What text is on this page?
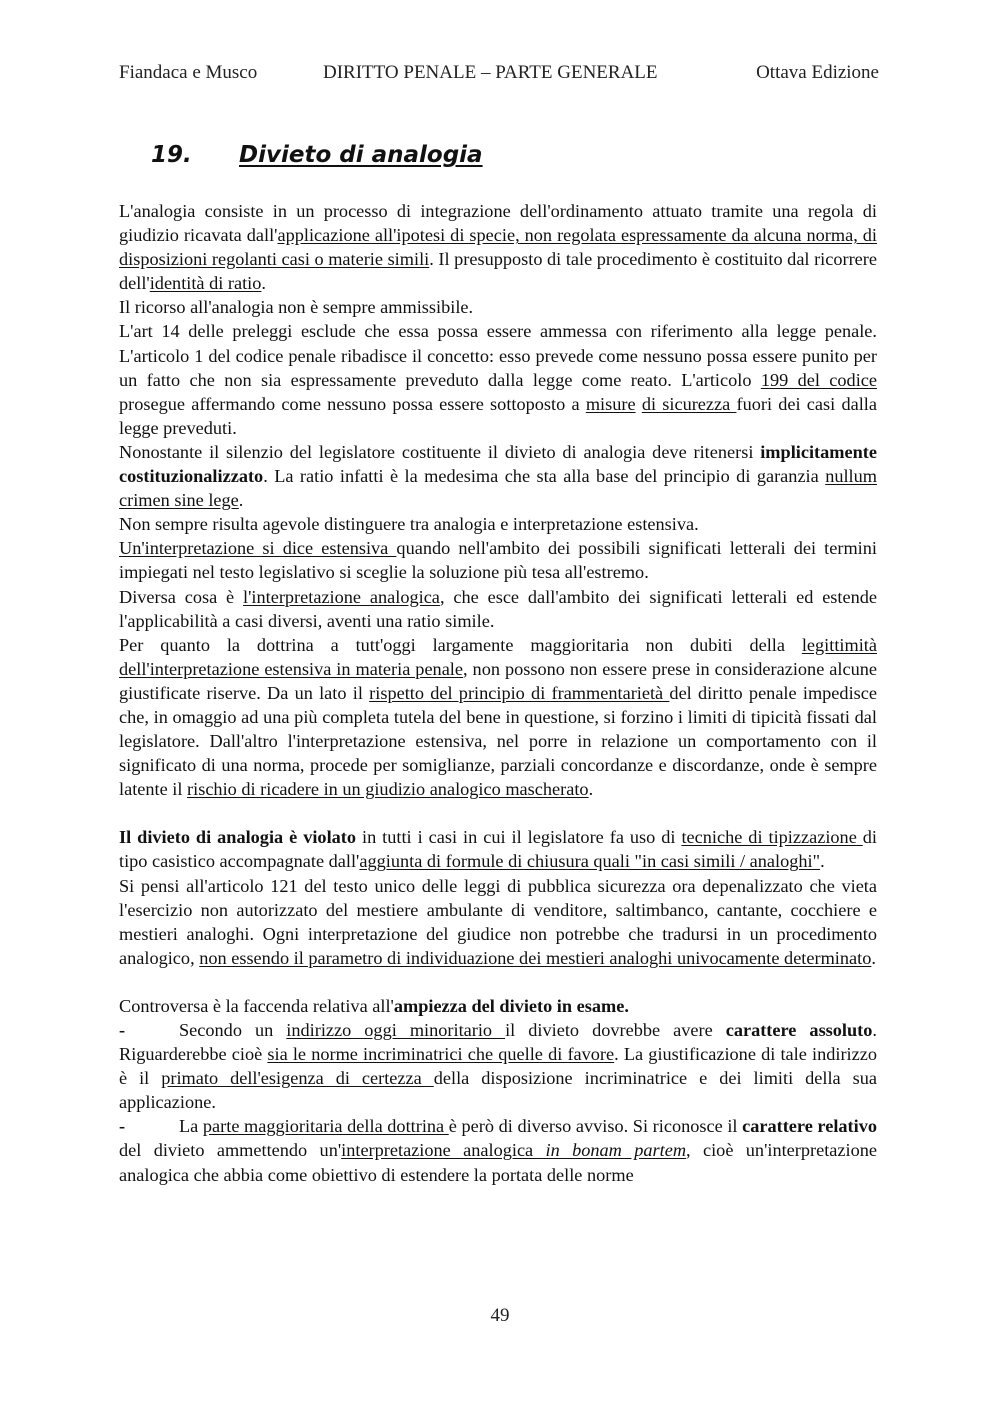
Fiandaca e Musco	DIRITTO PENALE – PARTE GENERALE	Ottava Edizione
19. Divieto di analogia

L'analogia consiste in un processo di integrazione dell'ordinamento attuato tramite una regola di giudizio ricavata dall'applicazione all'ipotesi di specie, non regolata espressamente da alcuna norma, di disposizioni regolanti casi o materie simili. Il presupposto di tale procedimento è costituito dal ricorrere dell'identità di ratio.

Il ricorso all'analogia non è sempre ammissibile.

L'art 14 delle preleggi esclude che essa possa essere ammessa con riferimento alla legge penale. L'articolo 1 del codice penale ribadisce il concetto: esso prevede come nessuno possa essere punito per un fatto che non sia espressamente preveduto dalla legge come reato. L'articolo 199 del codice prosegue affermando come nessuno possa essere sottoposto a misure di sicurezza fuori dei casi dalla legge preveduti.

Nonostante il silenzio del legislatore costituente il divieto di analogia deve ritenersi implicitamente costituzionalizzato. La ratio infatti è la medesima che sta alla base del principio di garanzia nullum crimen sine lege.

Non sempre risulta agevole distinguere tra analogia e interpretazione estensiva.

Un'interpretazione si dice estensiva quando nell'ambito dei possibili significati letterali dei termini impiegati nel testo legislativo si sceglie la soluzione più tesa all'estremo.

Diversa cosa è l'interpretazione analogica, che esce dall'ambito dei significati letterali ed estende l'applicabilità a casi diversi, aventi una ratio simile.

Per quanto la dottrina a tutt'oggi largamente maggioritaria non dubiti della legittimità dell'interpretazione estensiva in materia penale, non possono non essere prese in considerazione alcune giustificate riserve. Da un lato il rispetto del principio di frammentarietà del diritto penale impedisce che, in omaggio ad una più completa tutela del bene in questione, si forzino i limiti di tipicità fissati dal legislatore. Dall'altro l'interpretazione estensiva, nel porre in relazione un comportamento con il significato di una norma, procede per somiglianze, parziali concordanze e discordanze, onde è sempre latente il rischio di ricadere in un giudizio analogico mascherato.

Il divieto di analogia è violato in tutti i casi in cui il legislatore fa uso di tecniche di tipizzazione di tipo casistico accompagnate dall'aggiunta di formule di chiusura quali "in casi simili / analoghi".

Si pensi all'articolo 121 del testo unico delle leggi di pubblica sicurezza ora depenalizzato che vieta l'esercizio non autorizzato del mestiere ambulante di venditore, saltimbanco, cantante, cocchiere e mestieri analoghi. Ogni interpretazione del giudice non potrebbe che tradursi in un procedimento analogico, non essendo il parametro di individuazione dei mestieri analoghi univocamente determinato.

Controversa è la faccenda relativa all'ampiezza del divieto in esame.

-	Secondo un indirizzo oggi minoritario il divieto dovrebbe avere carattere assoluto. Riguarderebbe cioè sia le norme incriminatrici che quelle di favore. La giustificazione di tale indirizzo è il primato dell'esigenza di certezza della disposizione incriminatrice e dei limiti della sua applicazione.

-	La parte maggioritaria della dottrina è però di diverso avviso. Si riconosce il carattere relativo del divieto ammettendo un'interpretazione analogica in bonam partem, cioè un'interpretazione analogica che abbia come obiettivo di estendere la portata delle norme

49
